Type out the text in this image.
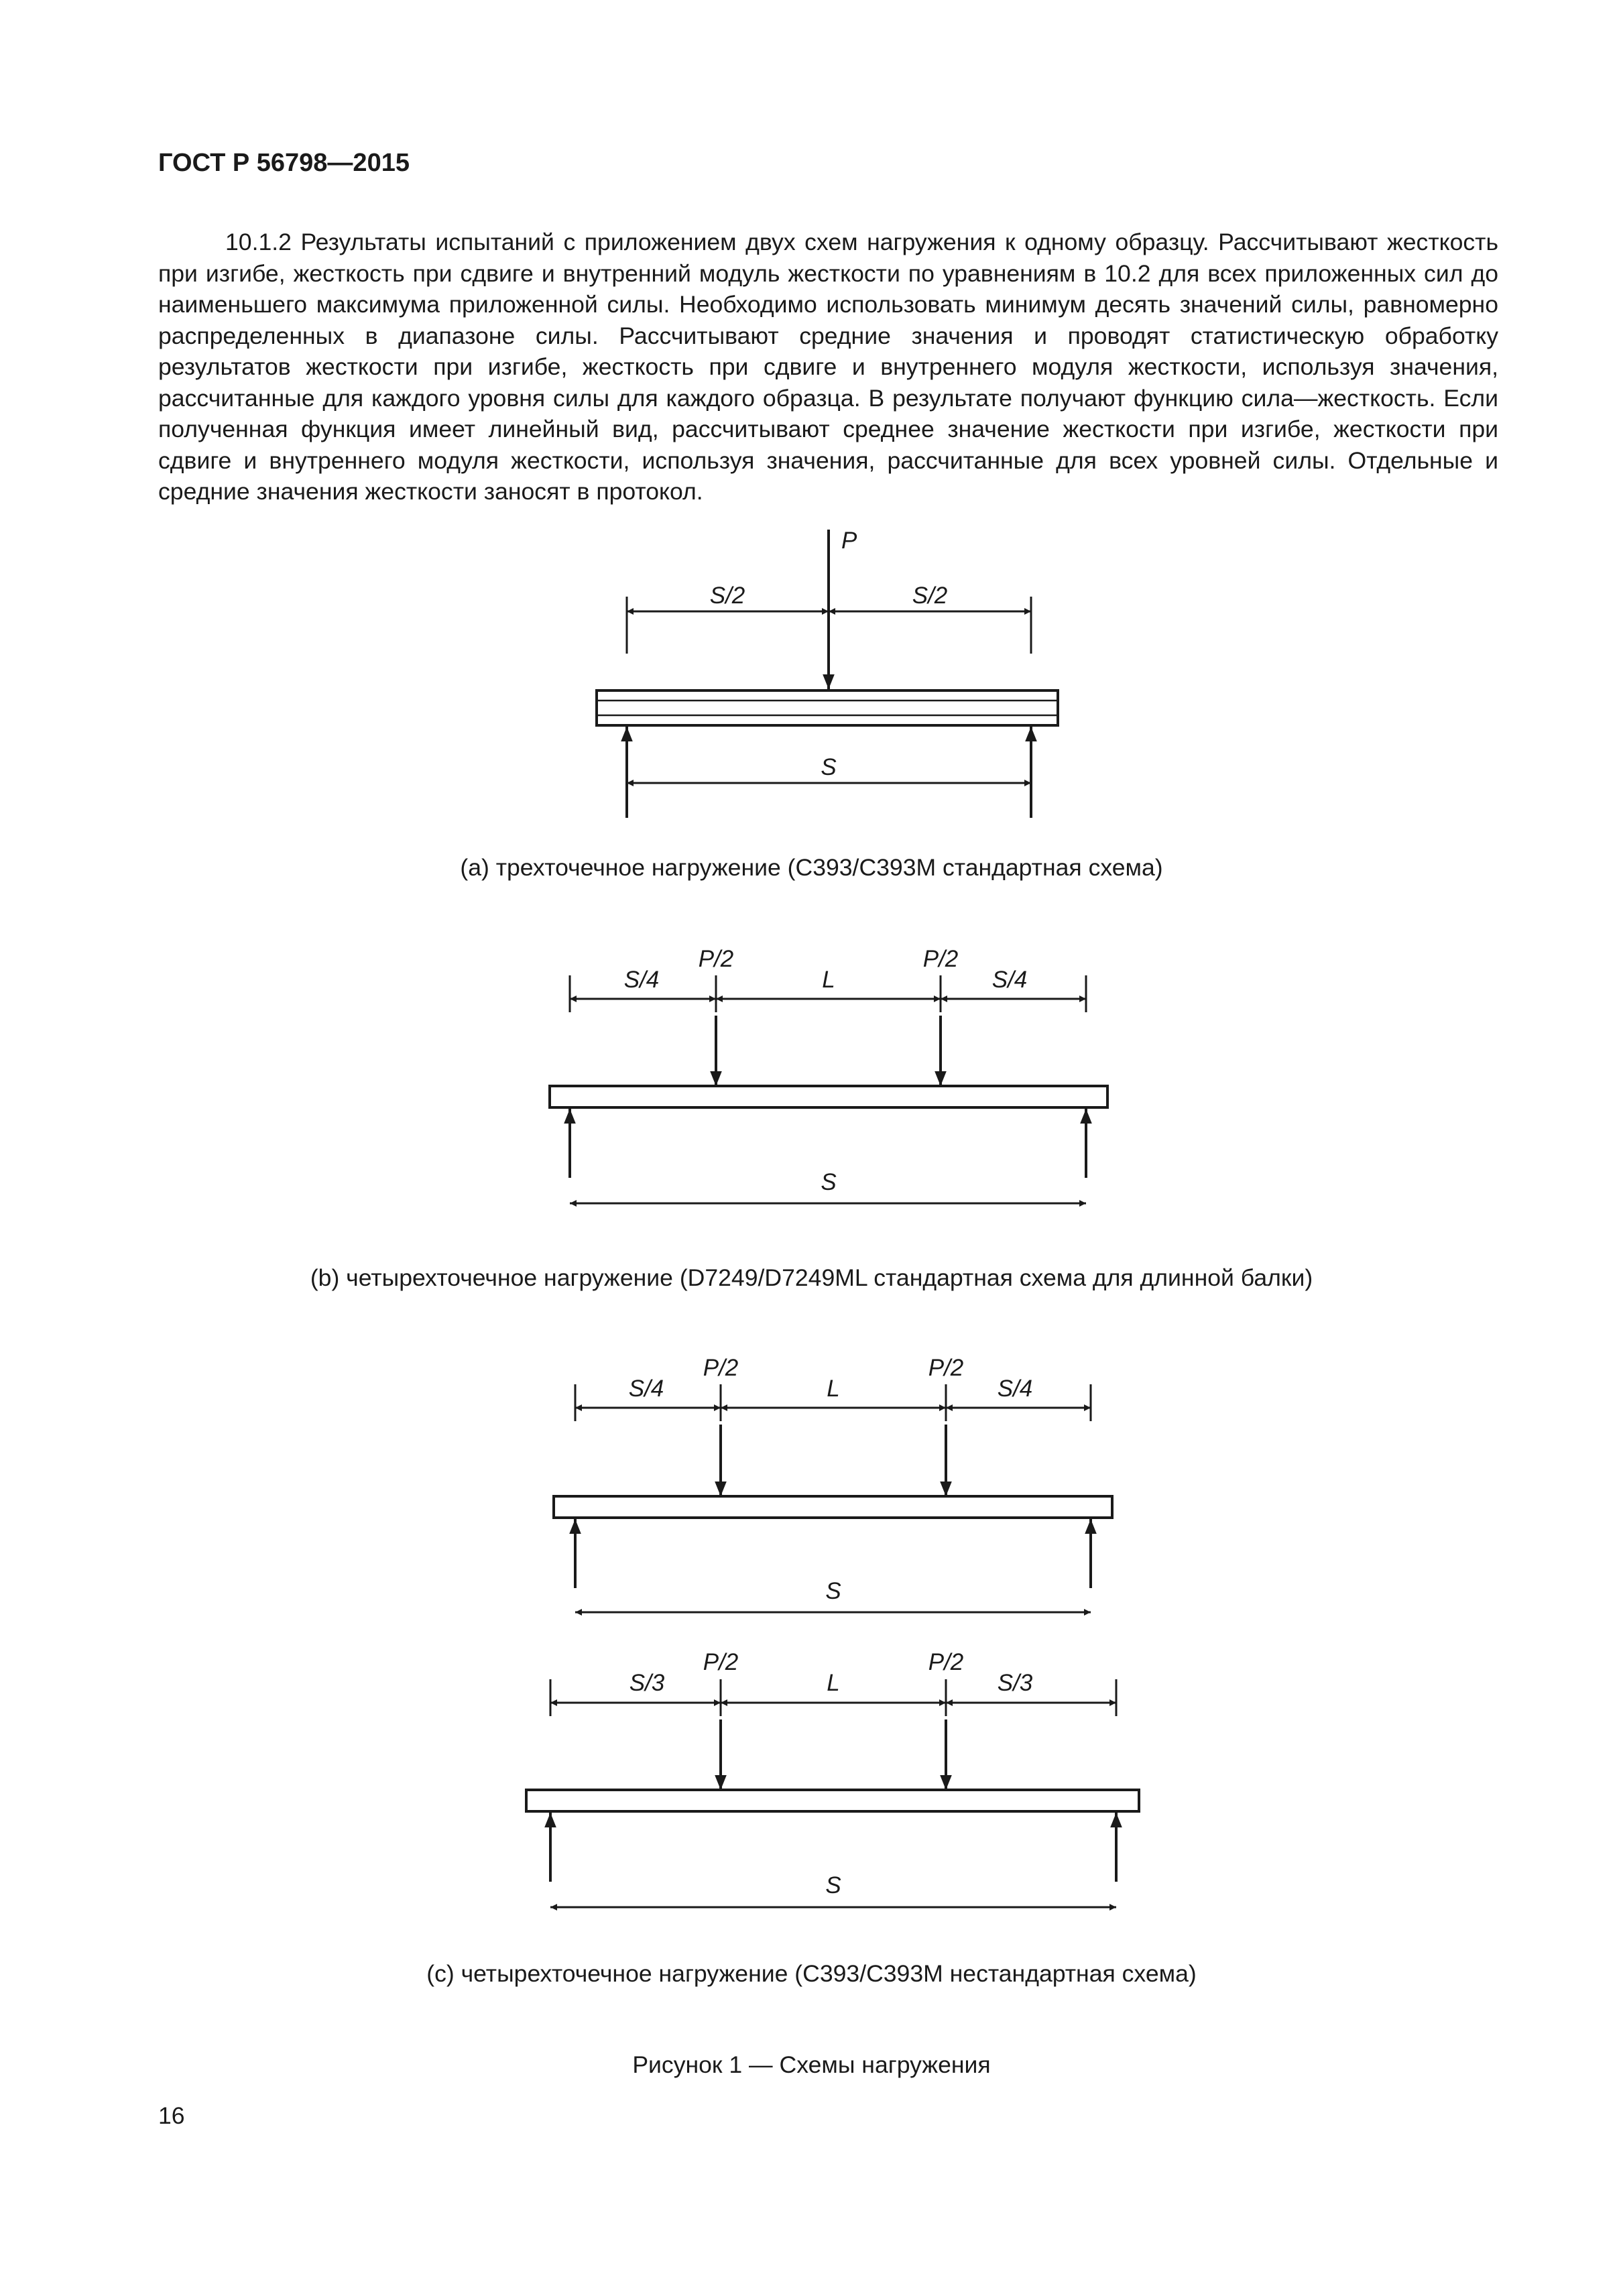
ГОСТ Р 56798—2015

10.1.2 Результаты испытаний с приложением двух схем нагружения к одному образцу. Рассчитывают жесткость при изгибе, жесткость при сдвиге и внутренний модуль жесткости по уравнениям в 10.2 для всех приложенных сил до наименьшего максимума приложенной силы. Необходимо использовать минимум десять значений силы, равномерно распределенных в диапазоне силы. Рассчитывают средние значения и проводят статистическую обработку результатов жесткости при изгибе, жесткость при сдвиге и внутреннего модуля жесткости, используя значения, рассчитанные для каждого уровня силы для каждого образца. В результате получают функцию сила—жесткость. Если полученная функция имеет линейный вид, рассчитывают среднее значение жесткости при изгибе, жесткости при сдвиге и внутреннего модуля жесткости, используя значения, рассчитанные для всех уровней силы. Отдельные и средние значения жесткости заносят в протокол.

P
S/2	S/2
S
(а) трехточечное нагружение (С393/С393М стандартная схема)
P/2	P/2
S/4	L	S/4
S
(b) четырехточечное нагружение (D7249/D7249ML стандартная схема для длинной балки)
P/2	P/2
S/4	L	S/4
S
P/2	P/2
S/3	L	S/3
S
(с) четырехточечное нагружение (С393/С393М нестандартная схема)
Рисунок 1 — Схемы нагружения
16
